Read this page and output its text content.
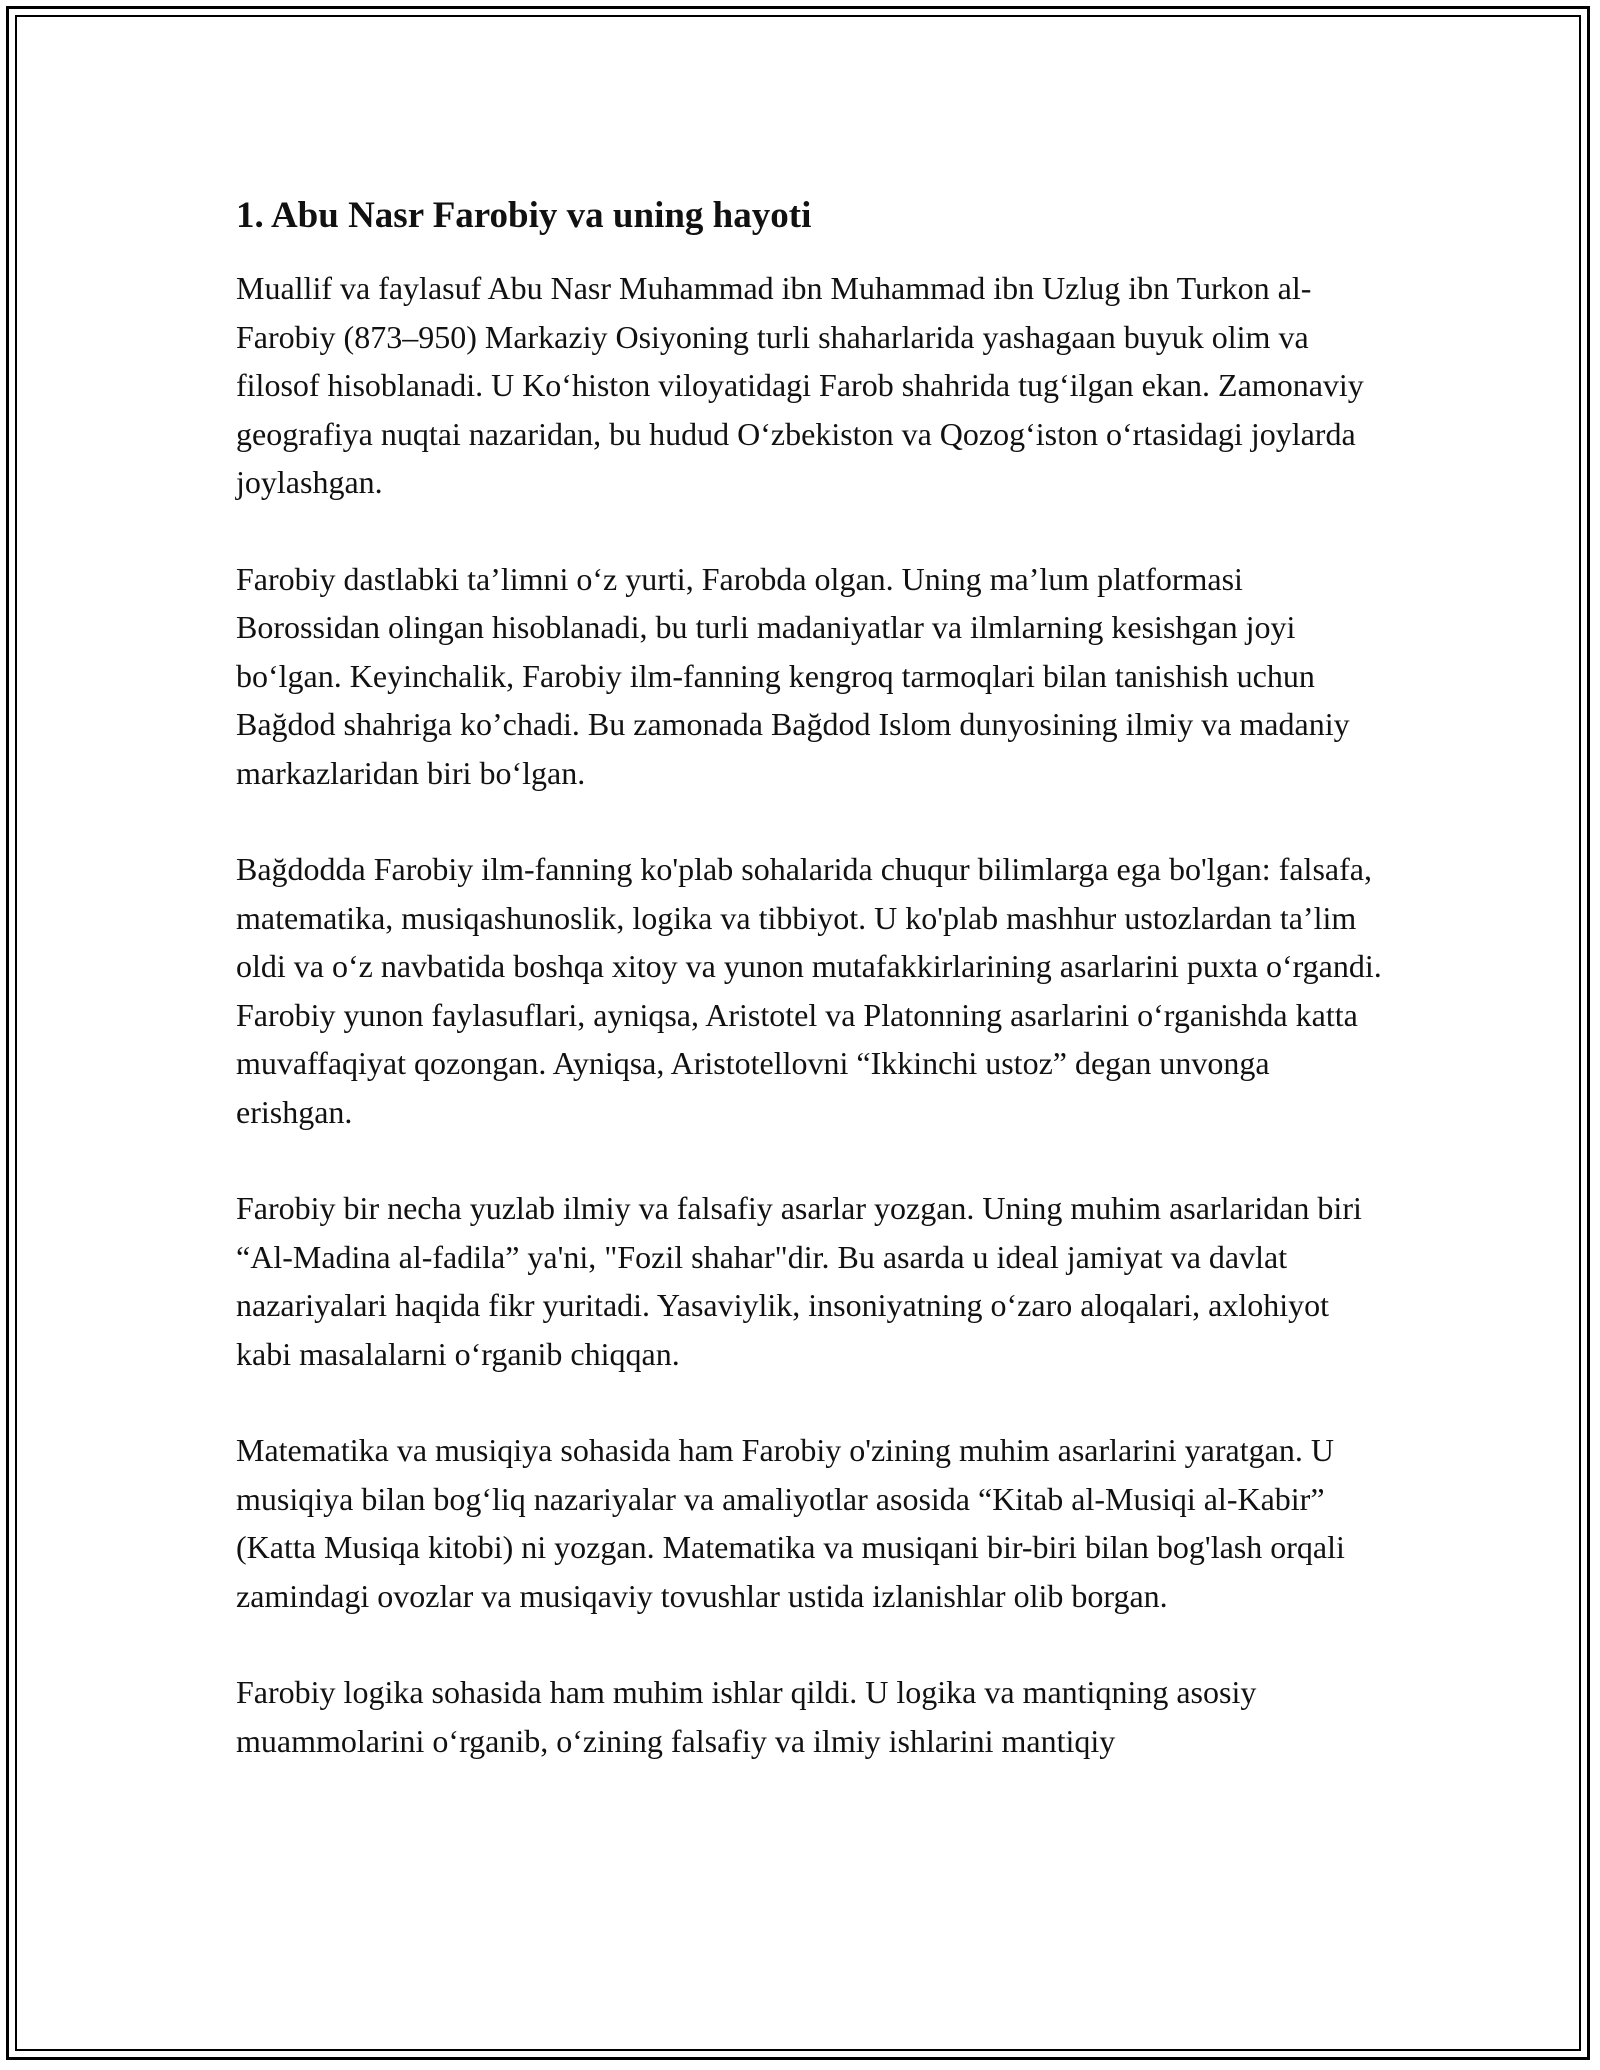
1. Abu Nasr Farobiy va uning hayoti

Muallif va faylasuf Abu Nasr Muhammad ibn Muhammad ibn Uzlug ibn Turkon al-Farobiy (873–950) Markaziy Osiyoning turli shaharlarida yashagaan buyuk olim va filosof hisoblanadi. U Koʻhiston viloyatidagi Farob shahrida tugʻilgan ekan. Zamonaviy geografiya nuqtai nazaridan, bu hudud Oʻzbekiston va Qozogʻiston oʻrtasidagi joylarda joylashgan.

Farobiy dastlabki taʼlimni oʻz yurti, Farobda olgan. Uning maʼlum platformasi Borossidan olingan hisoblanadi, bu turli madaniyatlar va ilmlarning kesishgan joyi boʻlgan. Keyinchalik, Farobiy ilm-fanning kengroq tarmoqlari bilan tanishish uchun Bağdod shahriga koʼchadi. Bu zamonada Bağdod Islom dunyosining ilmiy va madaniy markazlaridan biri boʻlgan.

Bağdodda Farobiy ilm-fanning ko'plab sohalarida chuqur bilimlarga ega bo'lgan: falsafa, matematika, musiqashunoslik, logika va tibbiyot. U ko'plab mashhur ustozlardan taʼlim oldi va oʻz navbatida boshqa xitoy va yunon mutafakkirlarining asarlarini puxta oʻrgandi. Farobiy yunon faylasuflari, ayniqsa, Aristotel va Platonning asarlarini oʻrganishda katta muvaffaqiyat qozongan. Ayniqsa, Aristotellovni “Ikkinchi ustoz” degan unvonga erishgan.

Farobiy bir necha yuzlab ilmiy va falsafiy asarlar yozgan. Uning muhim asarlaridan biri “Al-Madina al-fadila” ya'ni, "Fozil shahar"dir. Bu asarda u ideal jamiyat va davlat nazariyalari haqida fikr yuritadi. Yasaviylik, insoniyatning oʻzaro aloqalari, axlohiyot kabi masalalarni oʻrganib chiqqan.

Matematika va musiqiya sohasida ham Farobiy o'zining muhim asarlarini yaratgan. U musiqiya bilan bogʻliq nazariyalar va amaliyotlar asosida “Kitab al-Musiqi al-Kabir” (Katta Musiqa kitobi) ni yozgan. Matematika va musiqani bir-biri bilan bog'lash orqali zamindagi ovozlar va musiqaviy tovushlar ustida izlanishlar olib borgan.

Farobiy logika sohasida ham muhim ishlar qildi. U logika va mantiqning asosiy muammolarini oʻrganib, oʻzining falsafiy va ilmiy ishlarini mantiqiy
